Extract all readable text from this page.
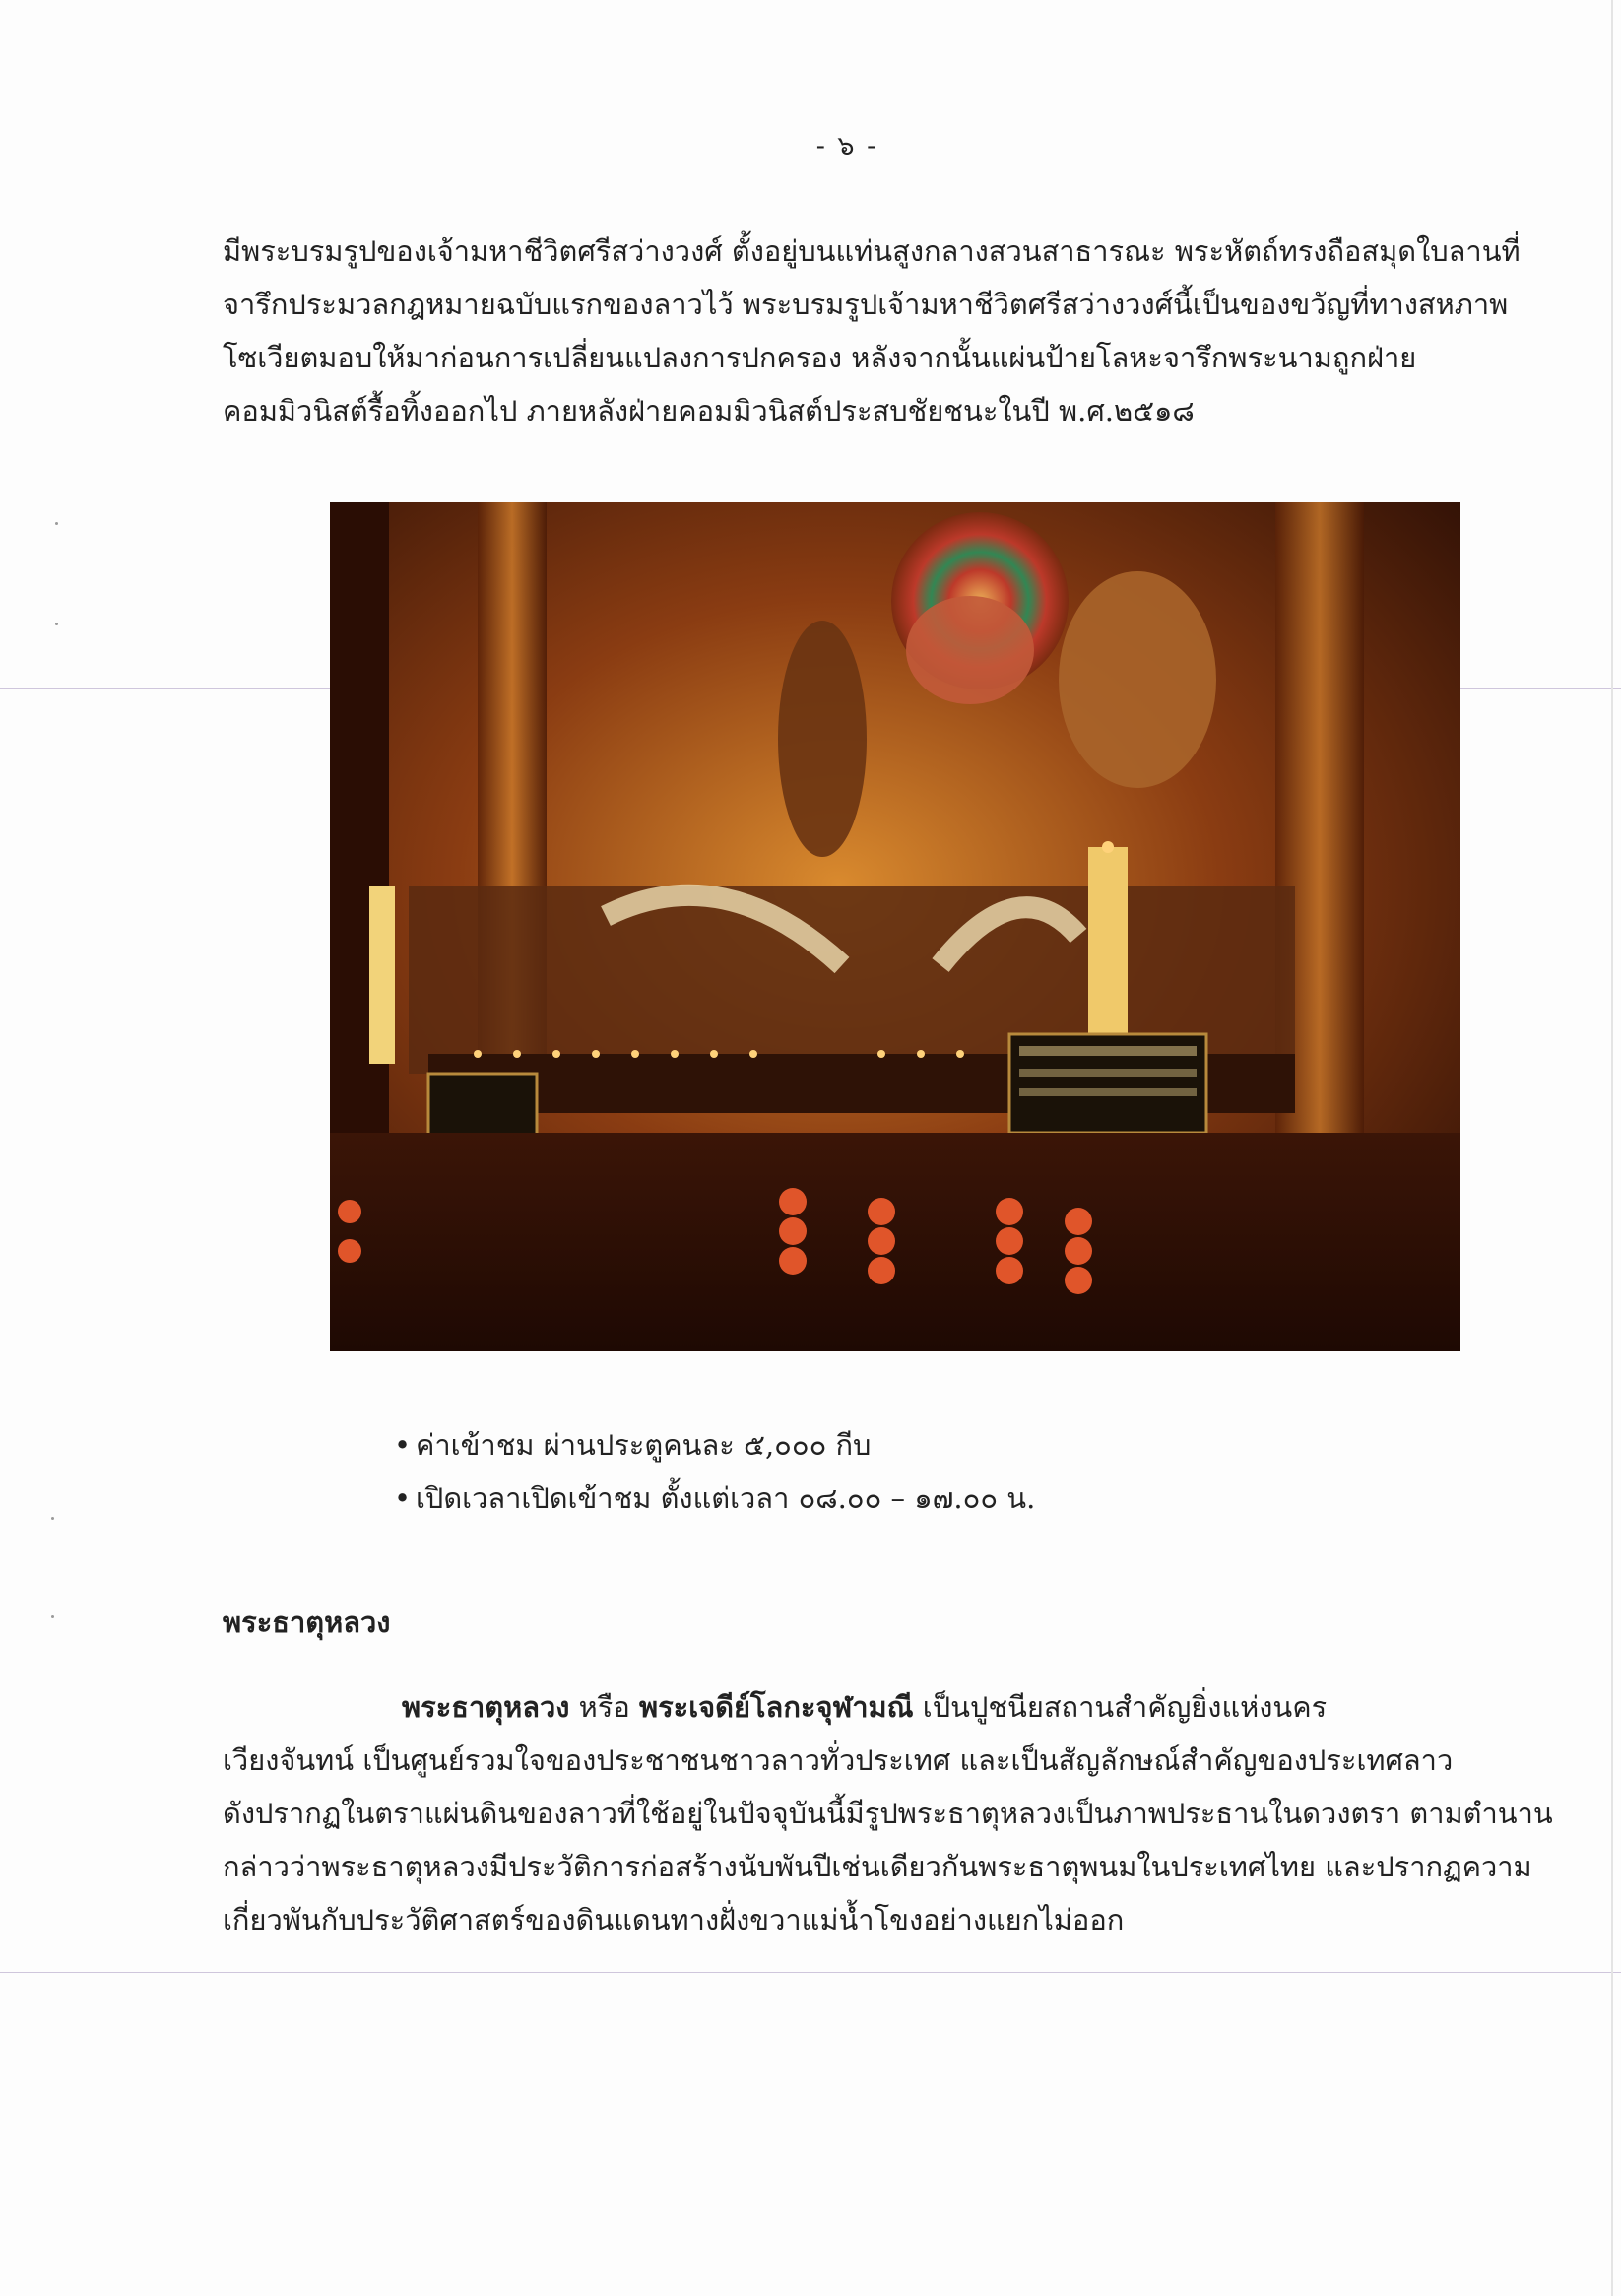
- ๖ -

มีพระบรมรูปของเจ้ามหาชีวิตศรีสว่างวงศ์ ตั้งอยู่บนแท่นสูงกลางสวนสาธารณะ พระหัตถ์ทรงถือสมุดใบลานที่
จารึกประมวลกฎหมายฉบับแรกของลาวไว้ พระบรมรูปเจ้ามหาชีวิตศรีสว่างวงศ์นี้เป็นของขวัญที่ทางสหภาพ
โซเวียตมอบให้มาก่อนการเปลี่ยนแปลงการปกครอง หลังจากนั้นแผ่นป้ายโลหะจารึกพระนามถูกฝ่าย
คอมมิวนิสต์รื้อทิ้งออกไป ภายหลังฝ่ายคอมมิวนิสต์ประสบชัยชนะในปี พ.ศ.๒๕๑๘

• ค่าเข้าชม ผ่านประตูคนละ ๕,๐๐๐ กีบ
• เปิดเวลาเปิดเข้าชม ตั้งแต่เวลา ๐๘.๐๐ – ๑๗.๐๐ น.
พระธาตุหลวง

พระธาตุหลวง หรือ พระเจดีย์โลกะจุฬามณี เป็นปูชนียสถานสำคัญยิ่งแห่งนคร
เวียงจันทน์ เป็นศูนย์รวมใจของประชาชนชาวลาวทั่วประเทศ และเป็นสัญลักษณ์สำคัญของประเทศลาว
ดังปรากฏในตราแผ่นดินของลาวที่ใช้อยู่ในปัจจุบันนี้มีรูปพระธาตุหลวงเป็นภาพประธานในดวงตรา ตามตำนาน
กล่าวว่าพระธาตุหลวงมีประวัติการก่อสร้างนับพันปีเช่นเดียวกันพระธาตุพนมในประเทศไทย และปรากฏความ
เกี่ยวพันกับประวัติศาสตร์ของดินแดนทางฝั่งขวาแม่น้ำโขงอย่างแยกไม่ออก
